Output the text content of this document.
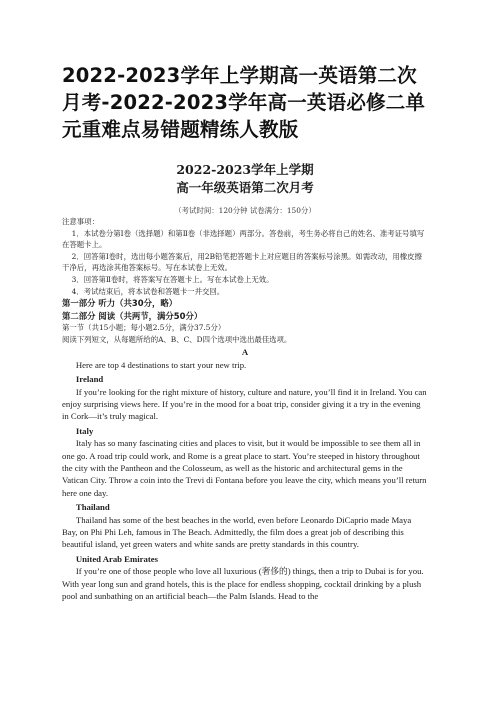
2022-2023学年上学期高一英语第二次月考-2022-2023学年高一英语必修二单元重难点易错题精练人教版
2022-2023学年上学期
高一年级英语第二次月考
（考试时间：120分钟 试卷满分：150分）

注意事项：

1．本试卷分第Ⅰ卷（选择题）和第Ⅱ卷（非选择题）两部分。答卷前，考生务必将自己的姓名、准考证号填写在答题卡上。

2．回答第Ⅰ卷时，选出每小题答案后，用2B铅笔把答题卡上对应题目的答案标号涂黑。如需改动，用橡皮擦干净后，再选涂其他答案标号。写在本试卷上无效。

3．回答第Ⅱ卷时，将答案写在答题卡上。写在本试卷上无效。

4．考试结束后，将本试卷和答题卡一并交回。

第一部分 听力（共30分，略）

第二部分 阅读（共两节，满分50分）

第一节（共15小题；每小题2.5分，满分37.5分）

阅读下列短文，从每题所给的A、B、C、D四个选项中选出最佳选项。

A

Here are top 4 destinations to start your new trip.

Ireland

If you’re looking for the right mixture of history, culture and nature, you’ll find it in Ireland. You can enjoy surprising views here. If you’re in the mood for a boat trip, consider giving it a try in the evening in Cork—it’s truly magical.

Italy

Italy has so many fascinating cities and places to visit, but it would be impossible to see them all in one go. A road trip could work, and Rome is a great place to start. You’re steeped in history throughout the city with the Pantheon and the Colosseum, as well as the historic and architectural gems in the Vatican City. Throw a coin into the Trevi di Fontana before you leave the city, which means you’ll return here one day.

Thailand

Thailand has some of the best beaches in the world, even before Leonardo DiCaprio made Maya Bay, on Phi Phi Leh, famous in The Beach. Admittedly, the film does a great job of describing this beautiful island, yet green waters and white sands are pretty standards in this country.

United Arab Emirates

If you’re one of those people who love all luxurious (奢侈的) things, then a trip to Dubai is for you. With year long sun and grand hotels, this is the place for endless shopping, cocktail drinking by a plush pool and sunbathing on an artificial beach—the Palm Islands. Head to the
